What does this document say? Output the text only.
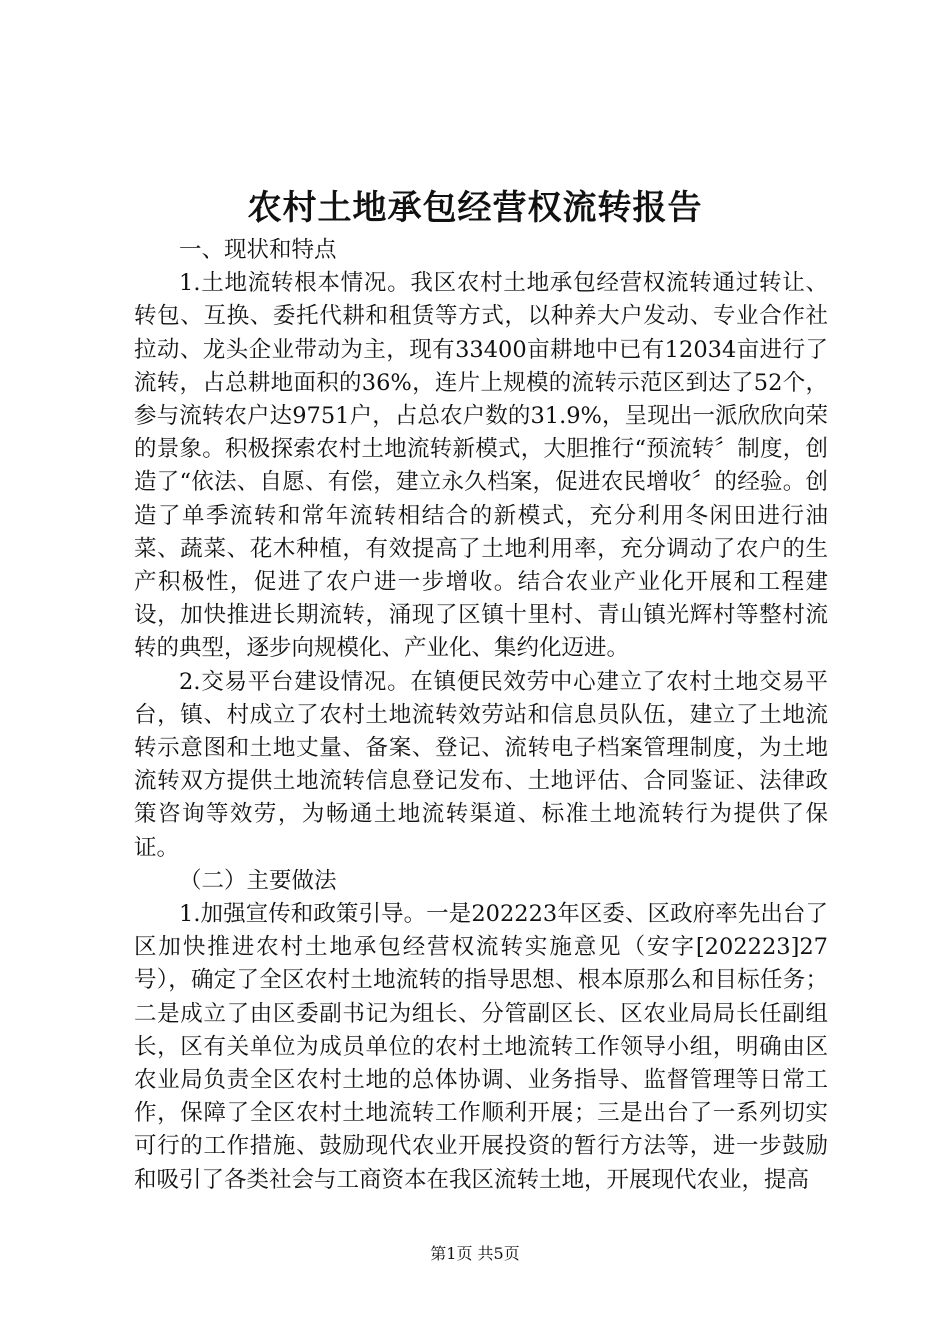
农村土地承包经营权流转报告

一、现状和特点

1.土地流转根本情况。我区农村土地承包经营权流转通过转让、转包、互换、委托代耕和租赁等方式，以种养大户发动、专业合作社拉动、龙头企业带动为主，现有33400亩耕地中已有12034亩进行了流转，占总耕地面积的36%，连片上规模的流转示范区到达了52个，参与流转农户达9751户，占总农户数的31.9%，呈现出一派欣欣向荣的景象。积极探索农村土地流转新模式，大胆推行“预流转〞制度，创造了“依法、自愿、有偿，建立永久档案，促进农民增收〞的经验。创造了单季流转和常年流转相结合的新模式，充分利用冬闲田进行油菜、蔬菜、花木种植，有效提高了土地利用率，充分调动了农户的生产积极性，促进了农户进一步增收。结合农业产业化开展和工程建设，加快推进长期流转，涌现了区镇十里村、青山镇光辉村等整村流转的典型，逐步向规模化、产业化、集约化迈进。

2.交易平台建设情况。在镇便民效劳中心建立了农村土地交易平台，镇、村成立了农村土地流转效劳站和信息员队伍，建立了土地流转示意图和土地丈量、备案、登记、流转电子档案管理制度，为土地流转双方提供土地流转信息登记发布、土地评估、合同鉴证、法律政策咨询等效劳，为畅通土地流转渠道、标准土地流转行为提供了保证。

（二）主要做法

1.加强宣传和政策引导。一是202223年区委、区政府率先出台了区加快推进农村土地承包经营权流转实施意见（安字[202223]27号），确定了全区农村土地流转的指导思想、根本原那么和目标任务；二是成立了由区委副书记为组长、分管副区长、区农业局局长任副组长，区有关单位为成员单位的农村土地流转工作领导小组，明确由区农业局负责全区农村土地的总体协调、业务指导、监督管理等日常工作，保障了全区农村土地流转工作顺利开展；三是出台了一系列切实可行的工作措施、鼓励现代农业开展投资的暂行方法等，进一步鼓励和吸引了各类社会与工商资本在我区流转土地，开展现代农业，提高

第1页 共5页
